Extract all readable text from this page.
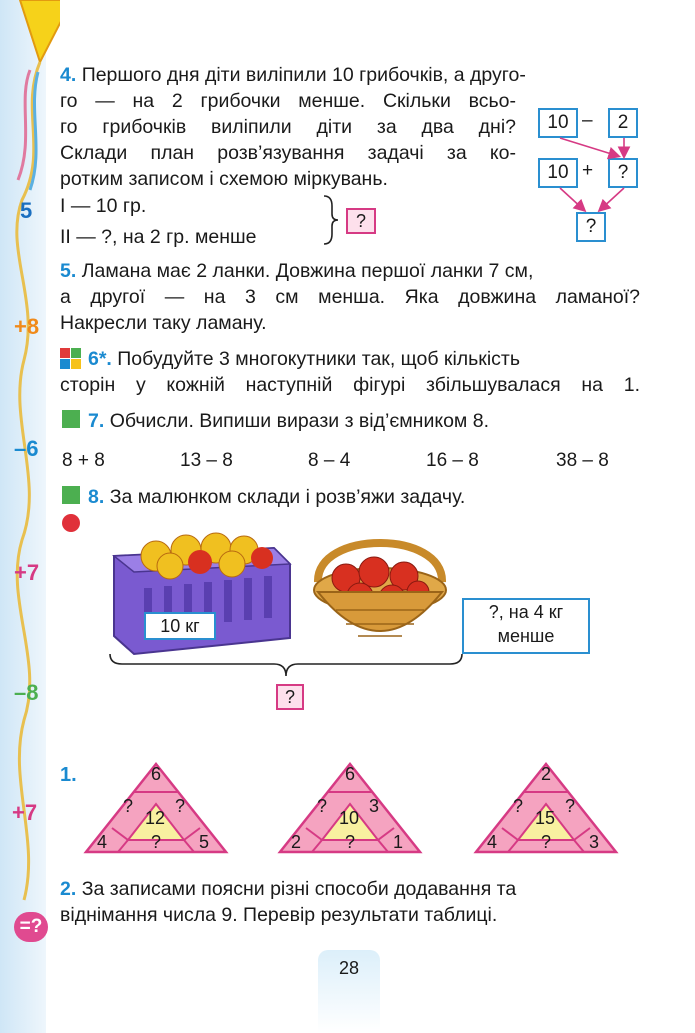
5
+8
–6
+7
–8
+7
=?
4. Першого дня діти виліпили 10 грибочків, а друго-
го — на 2 грибочки менше. Скільки всьо-
го грибочків виліпили діти за два дні?
Склади план розв’язування задачі за ко-
ротким записом і схемою міркувань.
І — 10 гр.
ІІ — ?, на 2 гр. менше
?
10 –	2
10 +	?
?
5. Ламана має 2 ланки. Довжина першої ланки 7 см,
а другої — на 3 см менша. Яка довжина ламаної?
Накресли таку ламану.
6*. Побудуйте 3 многокутники так, щоб кількість
сторін у кожній наступній фігурі збільшувалася на 1.
7. Обчисли. Випиши вирази з від’ємником 8.
8 + 8	13 – 8	8 – 4	16 – 8	38 – 8
8. За малюнком склади і розв’яжи задачу.
10 кг
?, на 4 кг
менше
?
1.	6
?	?
12
4	?	5
6
?	3
10
2	?	1
2
?	?
15
4	?	3
2. За записами поясни різні способи додавання та
віднімання числа 9. Перевір результати таблиці.
28
